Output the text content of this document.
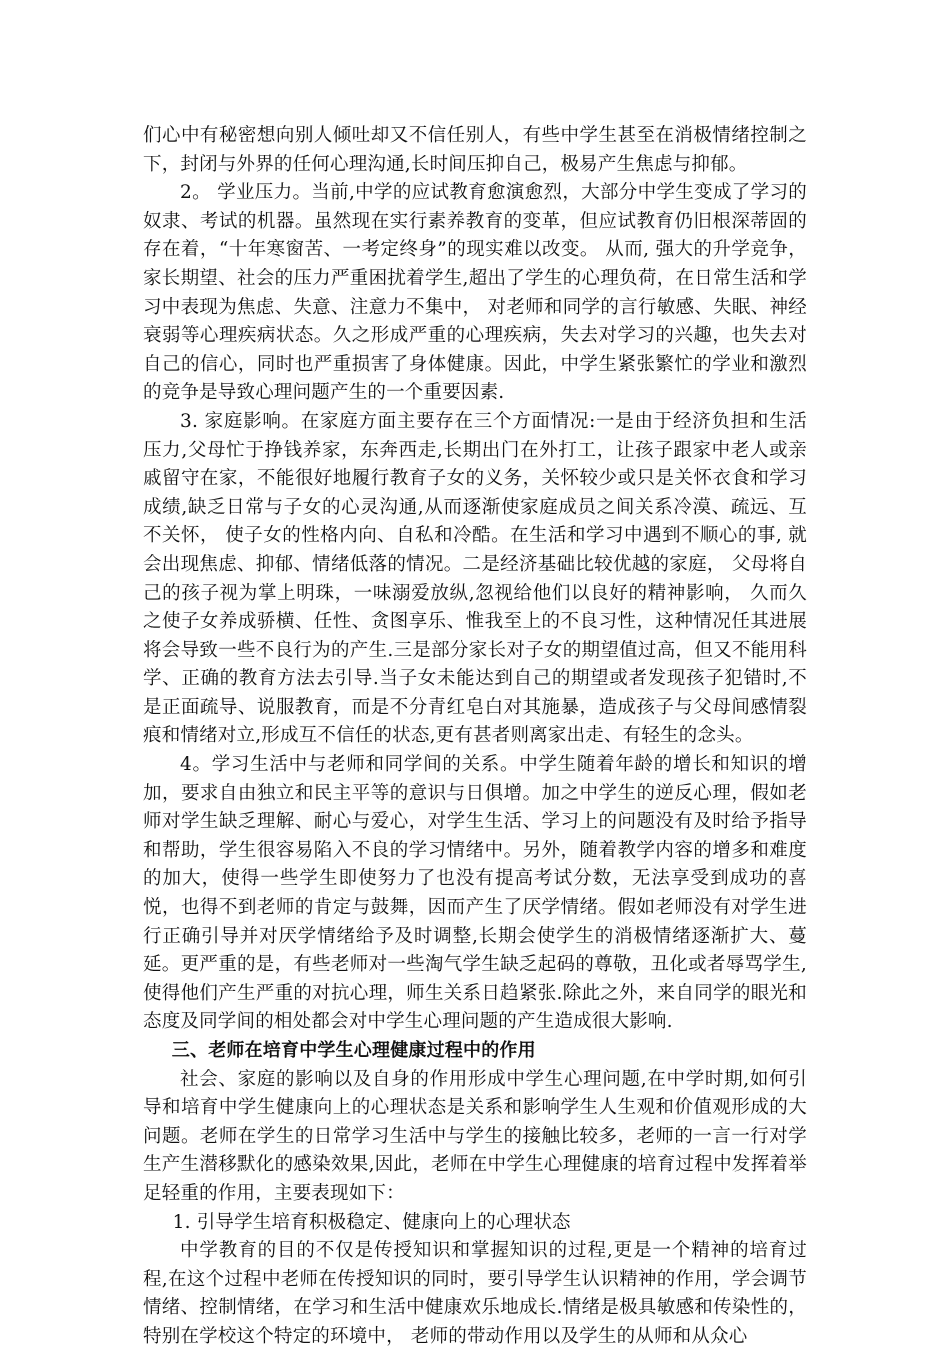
们心中有秘密想向别人倾吐却又不信任别人，有些中学生甚至在消极情绪控制之下，封闭与外界的任何心理沟通,长时间压抑自己，极易产生焦虑与抑郁。

2。 学业压力。当前,中学的应试教育愈演愈烈，大部分中学生变成了学习的奴隶、考试的机器。虽然现在实行素养教育的变革，但应试教育仍旧根深蒂固的存在着，“十年寒窗苦、一考定终身”的现实难以改变。 从而, 强大的升学竞争， 家长期望、社会的压力严重困扰着学生,超出了学生的心理负荷，在日常生活和学习中表现为焦虑、失意、注意力不集中， 对老师和同学的言行敏感、失眠、神经衰弱等心理疾病状态。久之形成严重的心理疾病，失去对学习的兴趣，也失去对自己的信心，同时也严重损害了身体健康。因此，中学生紧张繁忙的学业和激烈的竞争是导致心理问题产生的一个重要因素.

3. 家庭影响。在家庭方面主要存在三个方面情况:一是由于经济负担和生活压力,父母忙于挣钱养家，东奔西走,长期出门在外打工，让孩子跟家中老人或亲戚留守在家，不能很好地履行教育子女的义务，关怀较少或只是关怀衣食和学习成绩,缺乏日常与子女的心灵沟通,从而逐渐使家庭成员之间关系冷漠、疏远、互不关怀， 使子女的性格内向、自私和冷酷。在生活和学习中遇到不顺心的事, 就会出现焦虑、抑郁、情绪低落的情况。二是经济基础比较优越的家庭， 父母将自己的孩子视为掌上明珠，一味溺爱放纵,忽视给他们以良好的精神影响， 久而久之使子女养成骄横、任性、贪图享乐、惟我至上的不良习性，这种情况任其进展将会导致一些不良行为的产生.三是部分家长对子女的期望值过高，但又不能用科学、正确的教育方法去引导.当子女未能达到自己的期望或者发现孩子犯错时,不是正面疏导、说服教育，而是不分青红皂白对其施暴，造成孩子与父母间感情裂痕和情绪对立,形成互不信任的状态,更有甚者则离家出走、有轻生的念头。

4。学习生活中与老师和同学间的关系。中学生随着年龄的增长和知识的增加，要求自由独立和民主平等的意识与日俱增。加之中学生的逆反心理，假如老师对学生缺乏理解、耐心与爱心，对学生生活、学习上的问题没有及时给予指导和帮助，学生很容易陷入不良的学习情绪中。另外，随着教学内容的增多和难度的加大，使得一些学生即使努力了也没有提高考试分数，无法享受到成功的喜悦，也得不到老师的肯定与鼓舞，因而产生了厌学情绪。假如老师没有对学生进行正确引导并对厌学情绪给予及时调整,长期会使学生的消极情绪逐渐扩大、蔓延。更严重的是，有些老师对一些淘气学生缺乏起码的尊敬，丑化或者辱骂学生,使得他们产生严重的对抗心理，师生关系日趋紧张.除此之外，来自同学的眼光和态度及同学间的相处都会对中学生心理问题的产生造成很大影响.

三、老师在培育中学生心理健康过程中的作用

社会、家庭的影响以及自身的作用形成中学生心理问题,在中学时期,如何引导和培育中学生健康向上的心理状态是关系和影响学生人生观和价值观形成的大问题。老师在学生的日常学习生活中与学生的接触比较多，老师的一言一行对学生产生潜移默化的感染效果,因此，老师在中学生心理健康的培育过程中发挥着举足轻重的作用，主要表现如下：

1. 引导学生培育积极稳定、健康向上的心理状态

中学教育的目的不仅是传授知识和掌握知识的过程,更是一个精神的培育过程,在这个过程中老师在传授知识的同时，要引导学生认识精神的作用，学会调节情绪、控制情绪，在学习和生活中健康欢乐地成长.情绪是极具敏感和传染性的，特别在学校这个特定的环境中， 老师的带动作用以及学生的从师和从众心
